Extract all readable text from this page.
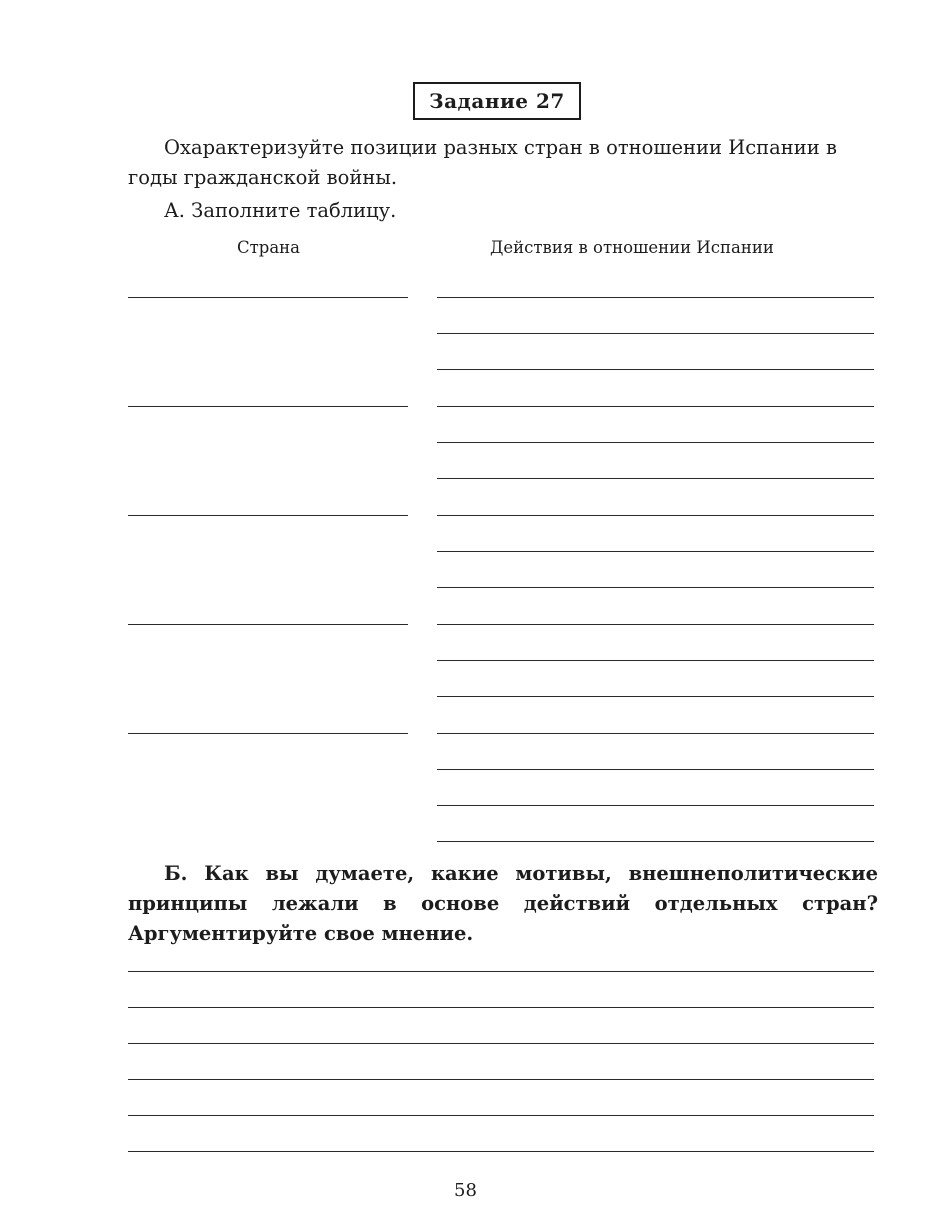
Задание 27

Охарактеризуйте позиции разных стран в отношении Испании в годы гражданской войны.

А. Заполните таблицу.

Страна	Действия в отношении Испании

Б. Как вы думаете, какие мотивы, внешнеполитические принципы лежали в основе действий отдельных стран? Аргументируйте свое мнение.

58
